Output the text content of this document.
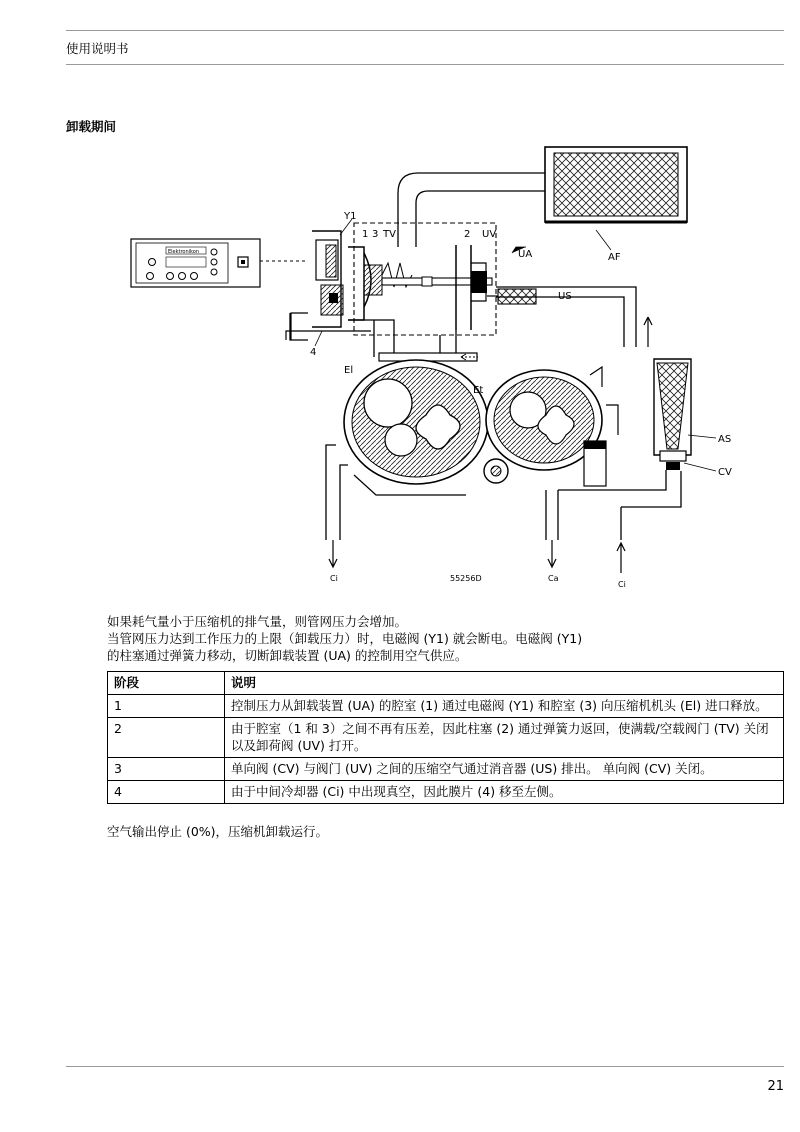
使用说明书
卸载期间
Elektronikon
Y1
1 3 TV	2 UV
UA	AF
US
4
El
Et
AS
CV
Ci	55256D	Ca
Ci
如果耗气量小于压缩机的排气量，则管网压力会增加。
当管网压力达到工作压力的上限（卸载压力）时，电磁阀 (Y1) 就会断电。电磁阀 (Y1)
的柱塞通过弹簧力移动，切断卸载装置 (UA) 的控制用空气供应。
阶段	说明
1	控制压力从卸载装置 (UA) 的腔室 (1) 通过电磁阀 (Y1) 和腔室 (3) 向压缩机机头 (El) 进口释放。
2	由于腔室（1 和 3）之间不再有压差，因此柱塞 (2) 通过弹簧力返回，使满载/空载阀门 (TV) 关闭以及卸荷阀 (UV) 打开。
3	单向阀 (CV) 与阀门 (UV) 之间的压缩空气通过消音器 (US) 排出。 单向阀 (CV) 关闭。
4	由于中间冷却器 (Ci) 中出现真空，因此膜片 (4) 移至左侧。
空气输出停止 (0%)，压缩机卸载运行。
21
